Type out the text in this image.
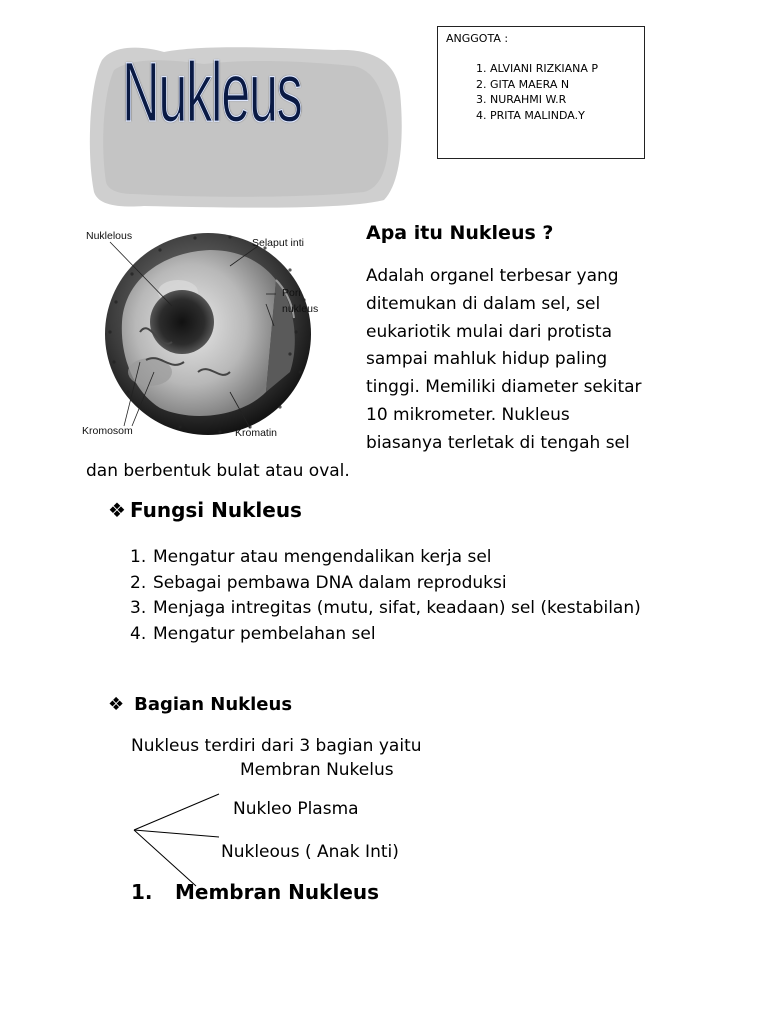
Nukleus
ANGGOTA :
1. ALVIANI RIZKIANA P
2. GITA MAERA N
3. NURAHMI W.R
4. PRITA MALINDA.Y
Nuklelous
Selaput inti
Pori
nukleus
Kromosom	Kromatin
Apa itu Nukleus ?
Adalah organel terbesar yang
ditemukan di dalam sel, sel
eukariotik mulai dari protista
sampai mahluk hidup paling
tinggi. Memiliki diameter sekitar
10 mikrometer. Nukleus
biasanya terletak di tengah sel
dan berbentuk bulat atau oval.
❖ Fungsi Nukleus
1. Mengatur atau mengendalikan kerja sel
2. Sebagai pembawa DNA dalam reproduksi
3. Menjaga intregitas (mutu, sifat, keadaan) sel (kestabilan)
4. Mengatur pembelahan sel
❖ Bagian Nukleus
Nukleus terdiri dari 3 bagian yaitu
Membran Nukelus
Nukleo Plasma
Nukleous ( Anak Inti)
1. Membran Nukleus
